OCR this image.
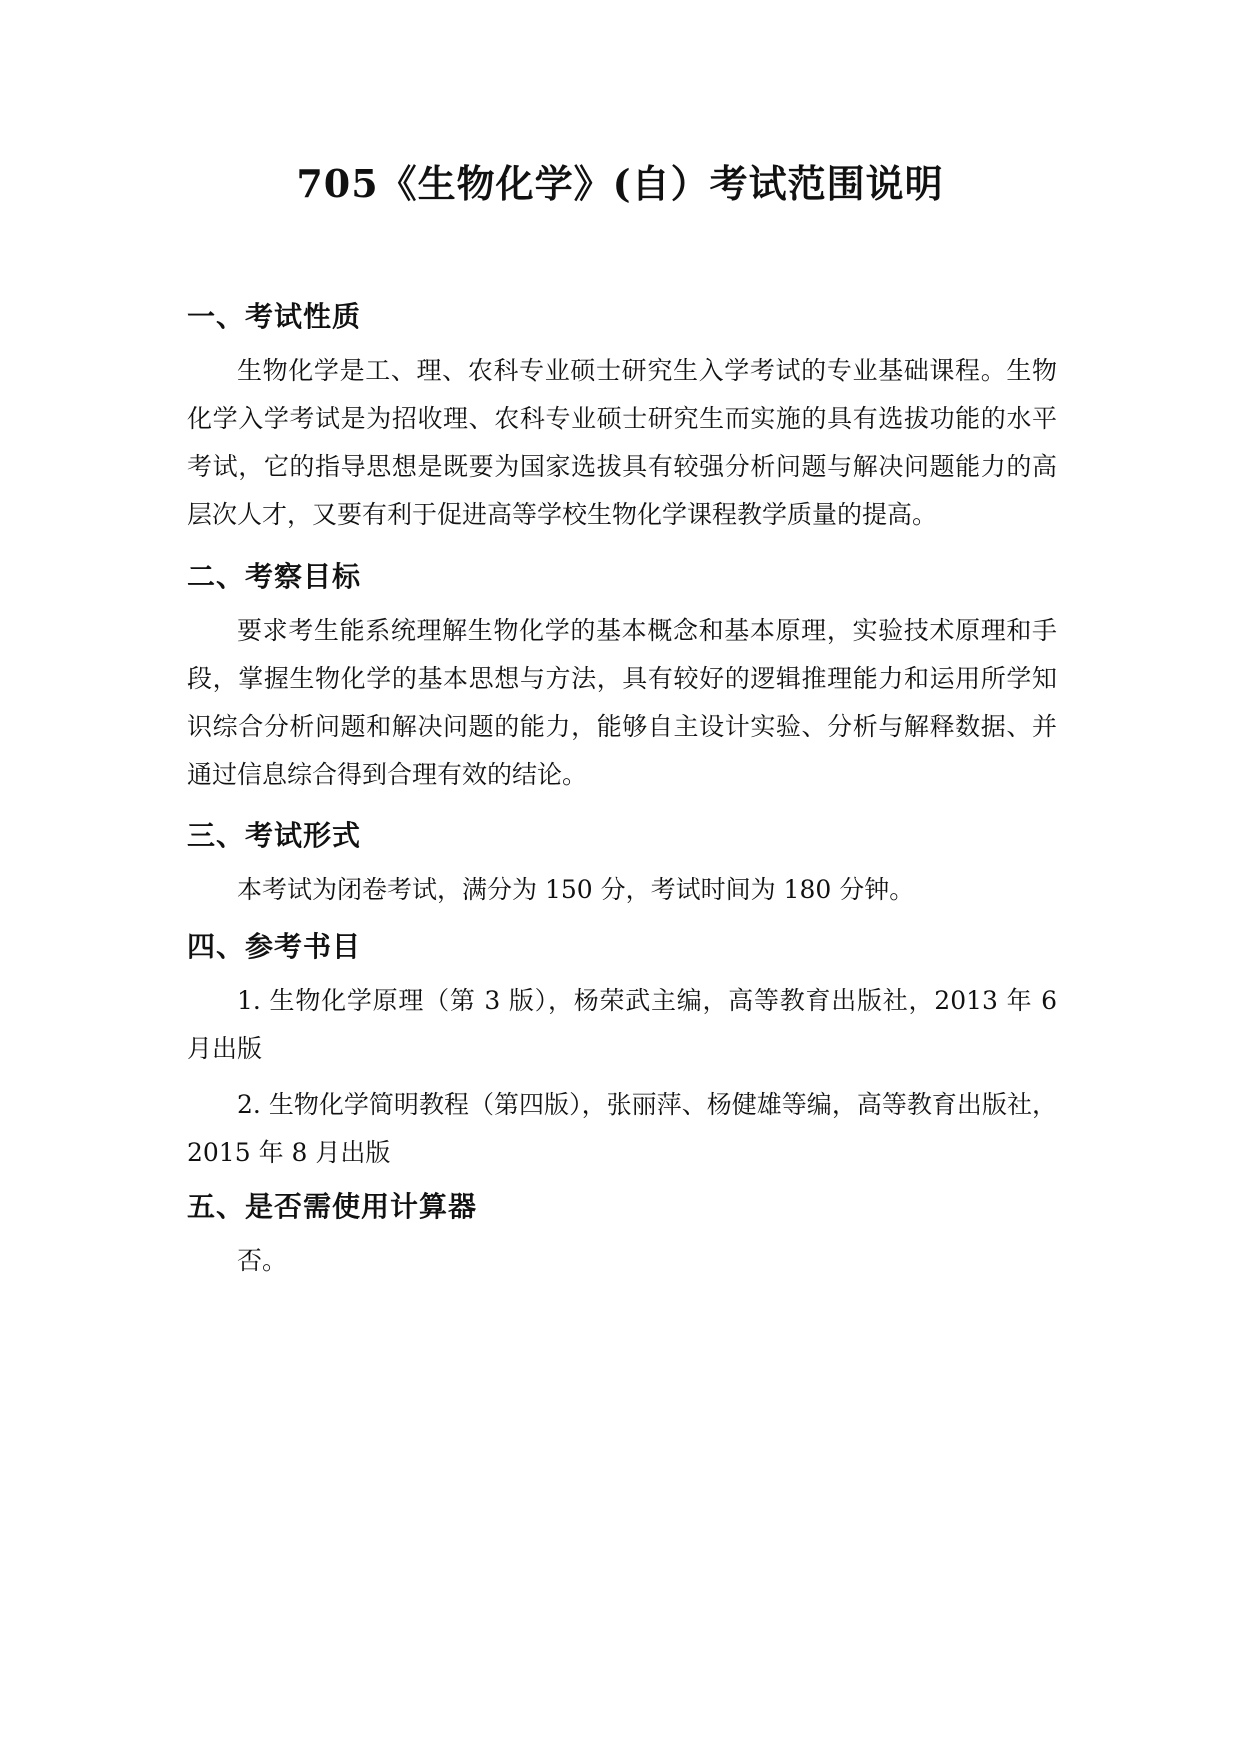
705《生物化学》(自）考试范围说明
一、考试性质

生物化学是工、理、农科专业硕士研究生入学考试的专业基础课程。生物化学入学考试是为招收理、农科专业硕士研究生而实施的具有选拔功能的水平考试，它的指导思想是既要为国家选拔具有较强分析问题与解决问题能力的高层次人才，又要有利于促进高等学校生物化学课程教学质量的提高。

二、考察目标

要求考生能系统理解生物化学的基本概念和基本原理，实验技术原理和手段，掌握生物化学的基本思想与方法，具有较好的逻辑推理能力和运用所学知识综合分析问题和解决问题的能力，能够自主设计实验、分析与解释数据、并通过信息综合得到合理有效的结论。

三、考试形式

本考试为闭卷考试，满分为 150 分，考试时间为 180 分钟。

四、参考书目

1. 生物化学原理（第 3 版），杨荣武主编，高等教育出版社，2013 年 6 月出版

2. 生物化学简明教程（第四版），张丽萍、杨健雄等编，高等教育出版社，2015 年 8 月出版

五、是否需使用计算器

否。
